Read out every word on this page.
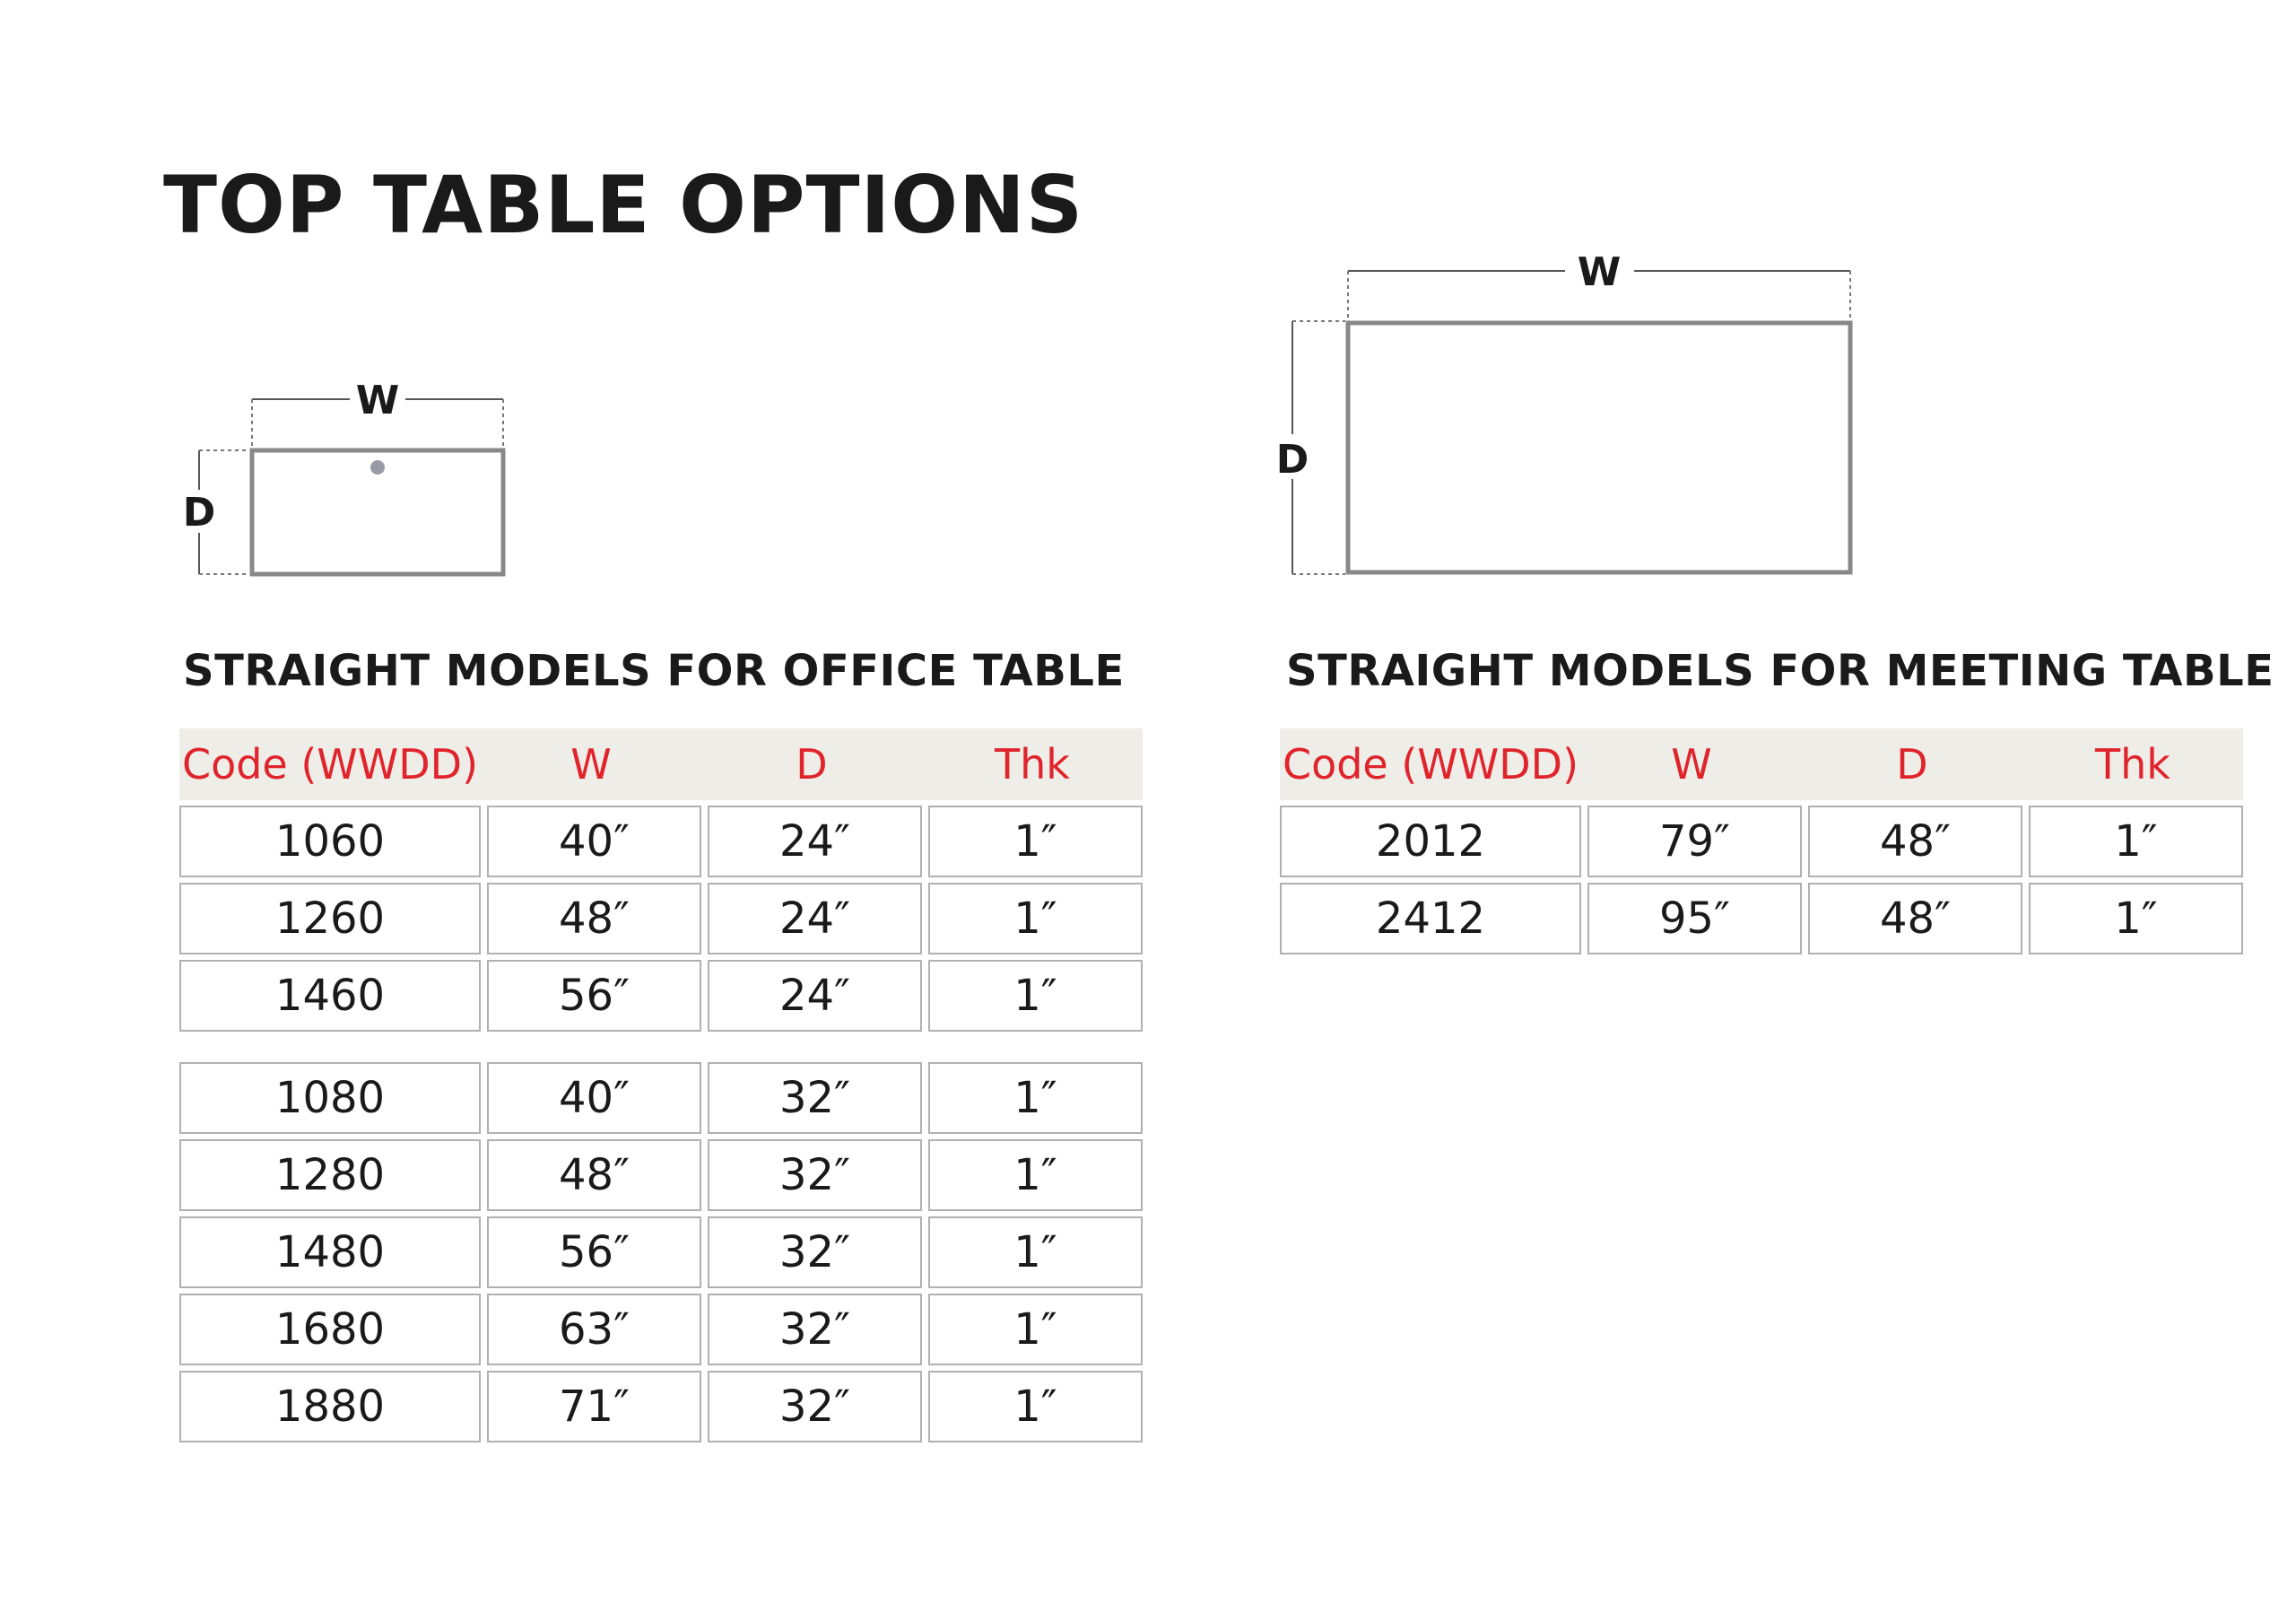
TOP TABLE OPTIONS
W
D
W
D
STRAIGHT MODELS FOR OFFICE TABLE	STRAIGHT MODELS FOR MEETING TABLE
Code (WWDD)	W	D	Thk
1060	40″	24″	1″
1260	48″	24″	1″
1460	56″	24″	1″
1080	40″	32″	1″
1280	48″	32″	1″
1480	56″	32″	1″
1680	63″	32″	1″
1880	71″	32″	1″
Code (WWDD)	W	D	Thk
2012	79″	48″	1″
2412	95″	48″	1″
